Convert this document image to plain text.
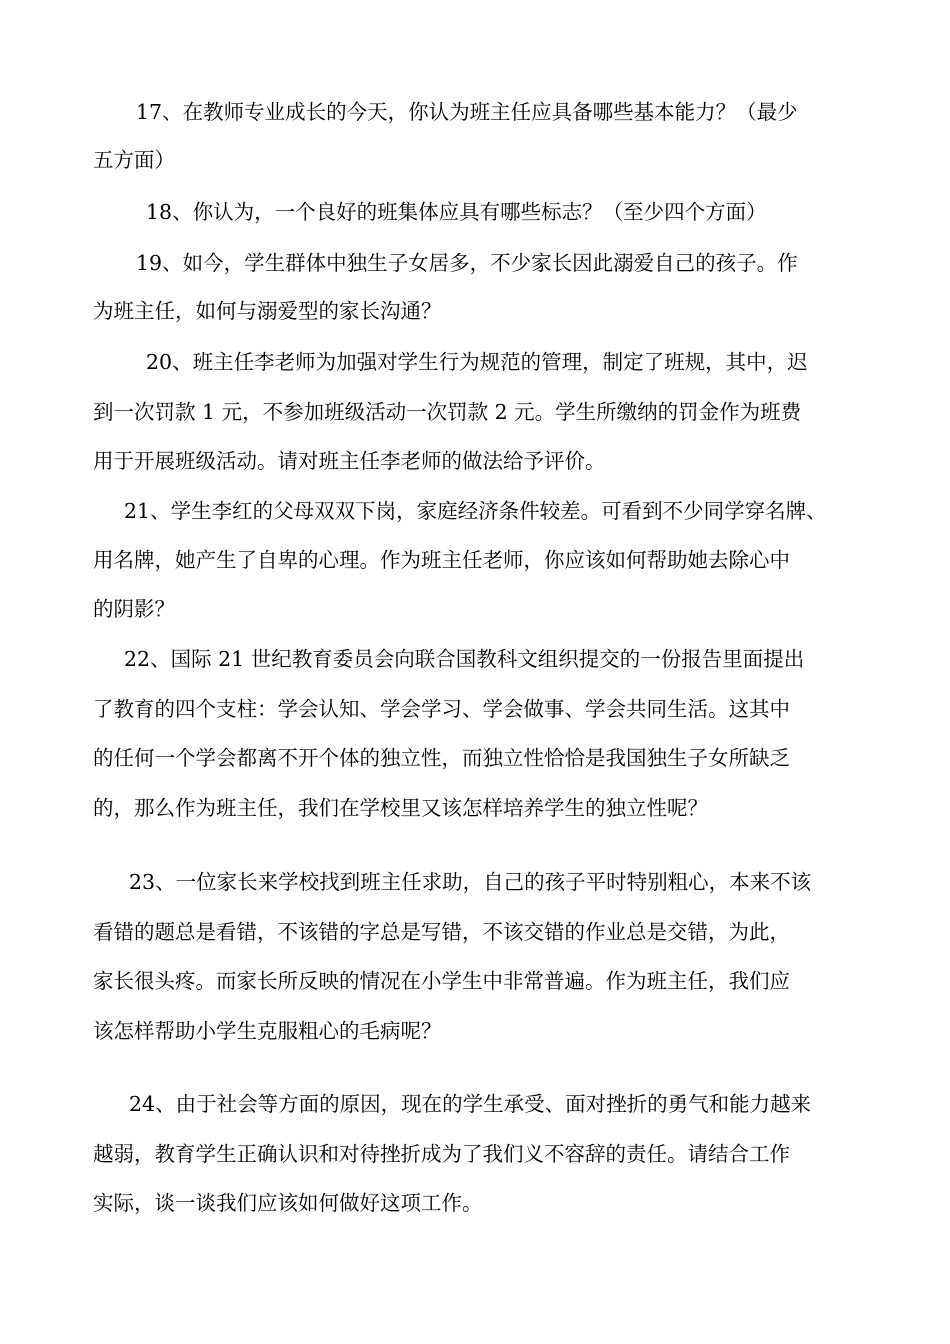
17、在教师专业成长的今天，你认为班主任应具备哪些基本能力？（最少
五方面）
18、你认为，一个良好的班集体应具有哪些标志？（至少四个方面）
19、如今，学生群体中独生子女居多，不少家长因此溺爱自己的孩子。作
为班主任，如何与溺爱型的家长沟通？
20、班主任李老师为加强对学生行为规范的管理，制定了班规，其中，迟
到一次罚款 1 元，不参加班级活动一次罚款 2 元。学生所缴纳的罚金作为班费
用于开展班级活动。请对班主任李老师的做法给予评价。
21、学生李红的父母双双下岗，家庭经济条件较差。可看到不少同学穿名牌、
用名牌，她产生了自卑的心理。作为班主任老师，你应该如何帮助她去除心中
的阴影？
22、国际 21 世纪教育委员会向联合国教科文组织提交的一份报告里面提出
了教育的四个支柱：学会认知、学会学习、学会做事、学会共同生活。这其中
的任何一个学会都离不开个体的独立性，而独立性恰恰是我国独生子女所缺乏
的，那么作为班主任，我们在学校里又该怎样培养学生的独立性呢？
23、一位家长来学校找到班主任求助，自己的孩子平时特别粗心，本来不该
看错的题总是看错，不该错的字总是写错，不该交错的作业总是交错，为此，
家长很头疼。而家长所反映的情况在小学生中非常普遍。作为班主任，我们应
该怎样帮助小学生克服粗心的毛病呢？
24、由于社会等方面的原因，现在的学生承受、面对挫折的勇气和能力越来
越弱，教育学生正确认识和对待挫折成为了我们义不容辞的责任。请结合工作
实际，谈一谈我们应该如何做好这项工作。
